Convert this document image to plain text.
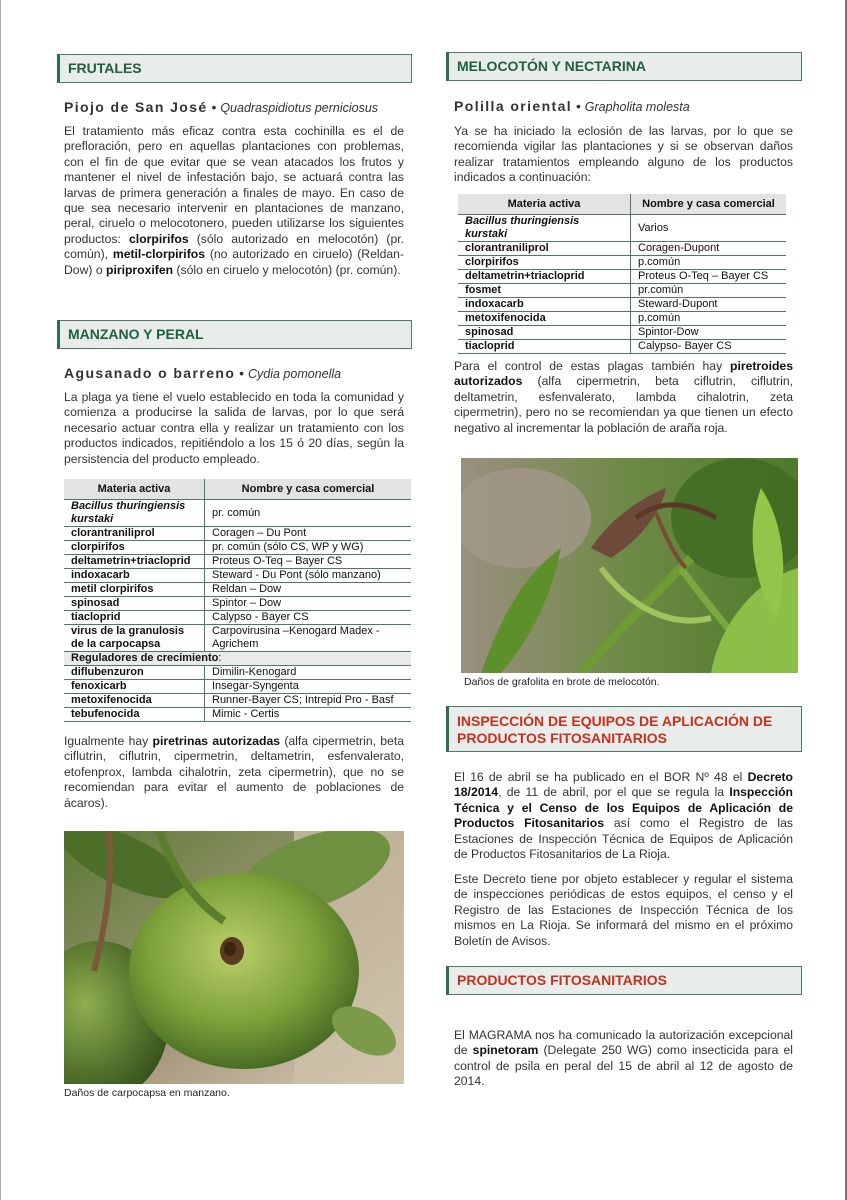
FRUTALES
Piojo de San José • Quadraspidiotus perniciosus
El tratamiento más eficaz contra esta cochinilla es el de prefloración, pero en aquellas plantaciones con problemas, con el fin de que evitar que se vean atacados los frutos y mantener el nivel de infestación bajo, se actuará contra las larvas de primera generación a finales de mayo. En caso de que sea necesario intervenir en plantaciones de manzano, peral, ciruelo o melocotonero, pueden utilizarse los siguientes productos: clorpirifos (sólo autorizado en melocotón) (pr. común), metil-clorpirifos (no autorizado en ciruelo) (Reldan-Dow) o piriproxifen (sólo en ciruelo y melocotón) (pr. común).
MANZANO Y PERAL
Agusanado o barreno • Cydia pomonella
La plaga ya tiene el vuelo establecido en toda la comunidad y comienza a producirse la salida de larvas, por lo que será necesario actuar contra ella y realizar un tratamiento con los productos indicados, repitiéndolo a los 15 ó 20 días, según la persistencia del producto empleado.
Materia activa	Nombre y casa comercial
Bacillus thuringiensis kurstaki	pr. común
clorantraniliprol	Coragen – Du Pont
clorpirifos	pr. común (sólo CS, WP y WG)
deltametrin+triacloprid	Proteus O-Teq – Bayer CS
indoxacarb	Steward - Du Pont (sólo manzano)
metil clorpirifos	Reldan – Dow
spinosad	Spintor – Dow
tiacloprid	Calypso - Bayer CS
virus de la granulosis de la carpocapsa	Carpovirusina –Kenogard Madex - Agrichem
Reguladores de crecimiento:	
diflubenzuron	Dimilin-Kenogard
fenoxicarb	Insegar-Syngenta
metoxifenocida	Runner-Bayer CS; Intrepid Pro - Basf
tebufenocida	Mimic - Certis
Igualmente hay piretrinas autorizadas (alfa cipermetrin, beta ciflutrin, ciflutrin, cipermetrin, deltametrin, esfenvalerato, etofenprox, lambda cihalotrin, zeta cipermetrin), que no se recomiendan para evitar el aumento de poblaciones de ácaros).
Daños de carpocapsa en manzano.
MELOCOTÓN Y NECTARINA
Polilla oriental • Grapholita molesta
Ya se ha iniciado la eclosión de las larvas, por lo que se recomienda vigilar las plantaciones y si se observan daños realizar tratamientos empleando alguno de los productos indicados a continuación:
Materia activa	Nombre y casa comercial
Bacillus thuringiensis kurstaki	Varios
clorantraniliprol	Coragen-Dupont
clorpirifos	p.común
deltametrin+triacloprid	Proteus O-Teq – Bayer CS
fosmet	pr.común
indoxacarb	Steward-Dupont
metoxifenocida	p.común
spinosad	Spintor-Dow
tiacloprid	Calypso- Bayer CS
Para el control de estas plagas también hay piretroides autorizados (alfa cipermetrin, beta ciflutrin, ciflutrin, deltametrin, esfenvalerato, lambda cihalotrin, zeta cipermetrin), pero no se recomiendan ya que tienen un efecto negativo al incrementar la población de araña roja.
Daños de grafolita en brote de melocotón.
INSPECCIÓN DE EQUIPOS DE APLICACIÓN DE PRODUCTOS FITOSANITARIOS
El 16 de abril se ha publicado en el BOR Nº 48 el Decreto 18/2014, de 11 de abril, por el que se regula la Inspección Técnica y el Censo de los Equipos de Aplicación de Productos Fitosanitarios así como el Registro de las Estaciones de Inspección Técnica de Equipos de Aplicación de Productos Fitosanitarios de La Rioja.
Este Decreto tiene por objeto establecer y regular el sistema de inspecciones periódicas de estos equipos, el censo y el Registro de las Estaciones de Inspección Técnica de los mismos en La Rioja. Se informará del mismo en el próximo Boletín de Avisos.
PRODUCTOS FITOSANITARIOS
El MAGRAMA nos ha comunicado la autorización excepcional de spinetoram (Delegate 250 WG) como insecticida para el control de psila en peral del 15 de abril al 12 de agosto de 2014.
